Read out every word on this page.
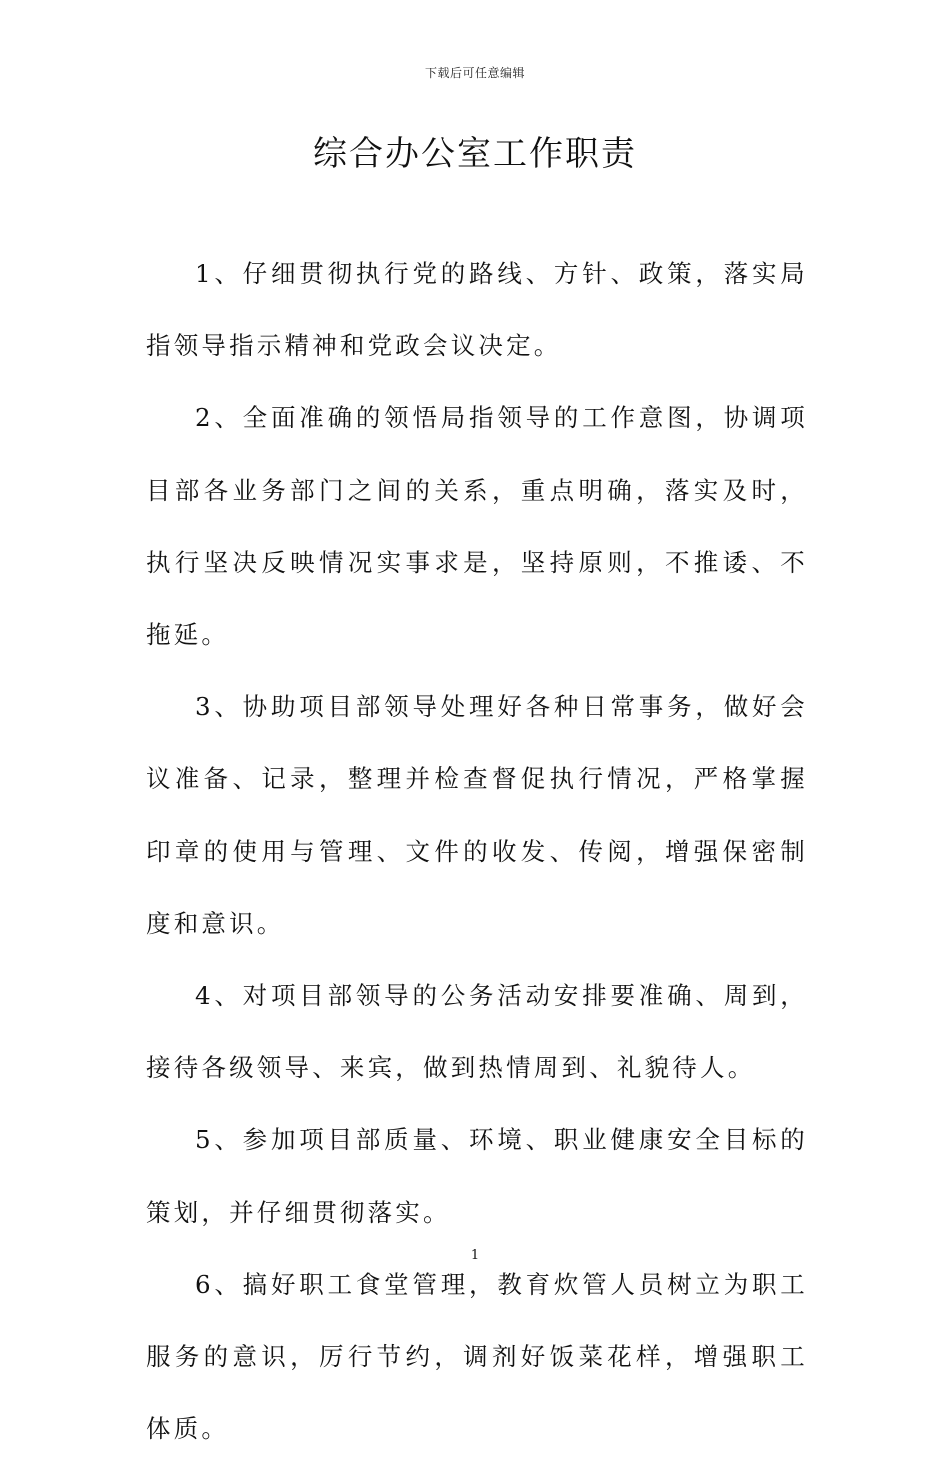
下载后可任意编辑
综合办公室工作职责

1、仔细贯彻执行党的路线、方针、政策，落实局指领导指示精神和党政会议决定。

2、全面准确的领悟局指领导的工作意图，协调项目部各业务部门之间的关系，重点明确，落实及时，执行坚决反映情况实事求是，坚持原则，不推诿、不拖延。

3、协助项目部领导处理好各种日常事务，做好会议准备、记录，整理并检查督促执行情况，严格掌握印章的使用与管理、文件的收发、传阅，增强保密制度和意识。

4、对项目部领导的公务活动安排要准确、周到，接待各级领导、来宾，做到热情周到、礼貌待人。

5、参加项目部质量、环境、职业健康安全目标的策划，并仔细贯彻落实。

6、搞好职工食堂管理，教育炊管人员树立为职工服务的意识，厉行节约，调剂好饭菜花样，增强职工体质。

1
